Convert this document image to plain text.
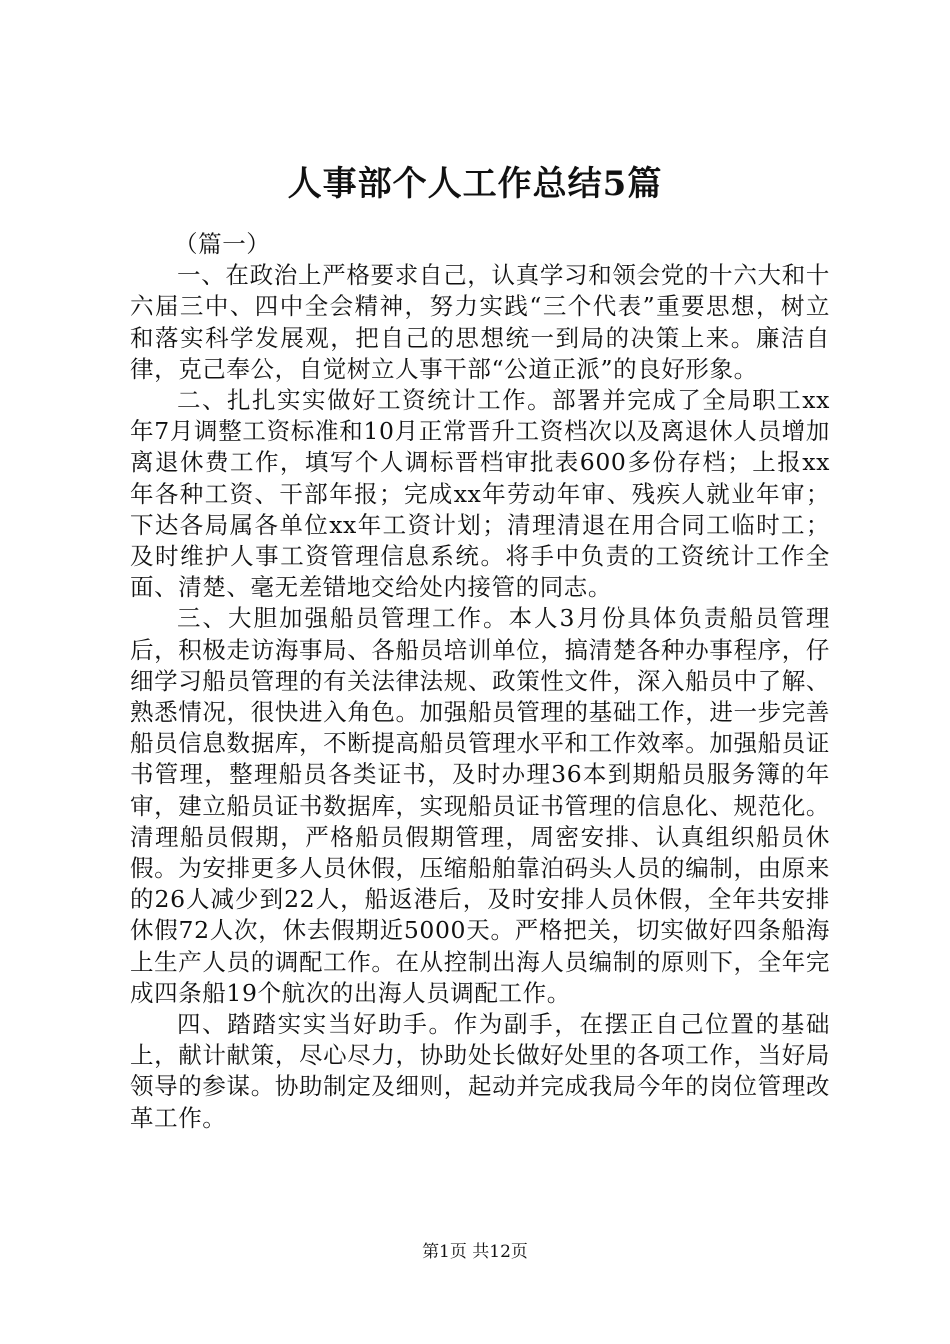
人事部个人工作总结5篇
（篇一）

一、在政治上严格要求自己，认真学习和领会党的十六大和十六届三中、四中全会精神，努力实践“三个代表”重要思想，树立和落实科学发展观，把自己的思想统一到局的决策上来。廉洁自律，克己奉公，自觉树立人事干部“公道正派”的良好形象。

二、扎扎实实做好工资统计工作。部署并完成了全局职工xx年7月调整工资标准和10月正常晋升工资档次以及离退休人员增加离退休费工作，填写个人调标晋档审批表600多份存档；上报xx年各种工资、干部年报；完成xx年劳动年审、残疾人就业年审；下达各局属各单位xx年工资计划；清理清退在用合同工临时工；及时维护人事工资管理信息系统。将手中负责的工资统计工作全面、清楚、毫无差错地交给处内接管的同志。

三、大胆加强船员管理工作。本人3月份具体负责船员管理后，积极走访海事局、各船员培训单位，搞清楚各种办事程序，仔细学习船员管理的有关法律法规、政策性文件，深入船员中了解、熟悉情况，很快进入角色。加强船员管理的基础工作，进一步完善船员信息数据库，不断提高船员管理水平和工作效率。加强船员证书管理，整理船员各类证书，及时办理36本到期船员服务簿的年审，建立船员证书数据库，实现船员证书管理的信息化、规范化。清理船员假期，严格船员假期管理，周密安排、认真组织船员休假。为安排更多人员休假，压缩船舶靠泊码头人员的编制，由原来的26人减少到22人，船返港后，及时安排人员休假，全年共安排休假72人次，休去假期近5000天。严格把关，切实做好四条船海上生产人员的调配工作。在从控制出海人员编制的原则下，全年完成四条船19个航次的出海人员调配工作。

四、踏踏实实当好助手。作为副手，在摆正自己位置的基础上，献计献策，尽心尽力，协助处长做好处里的各项工作，当好局领导的参谋。协助制定及细则，起动并完成我局今年的岗位管理改革工作。

第1页 共12页
